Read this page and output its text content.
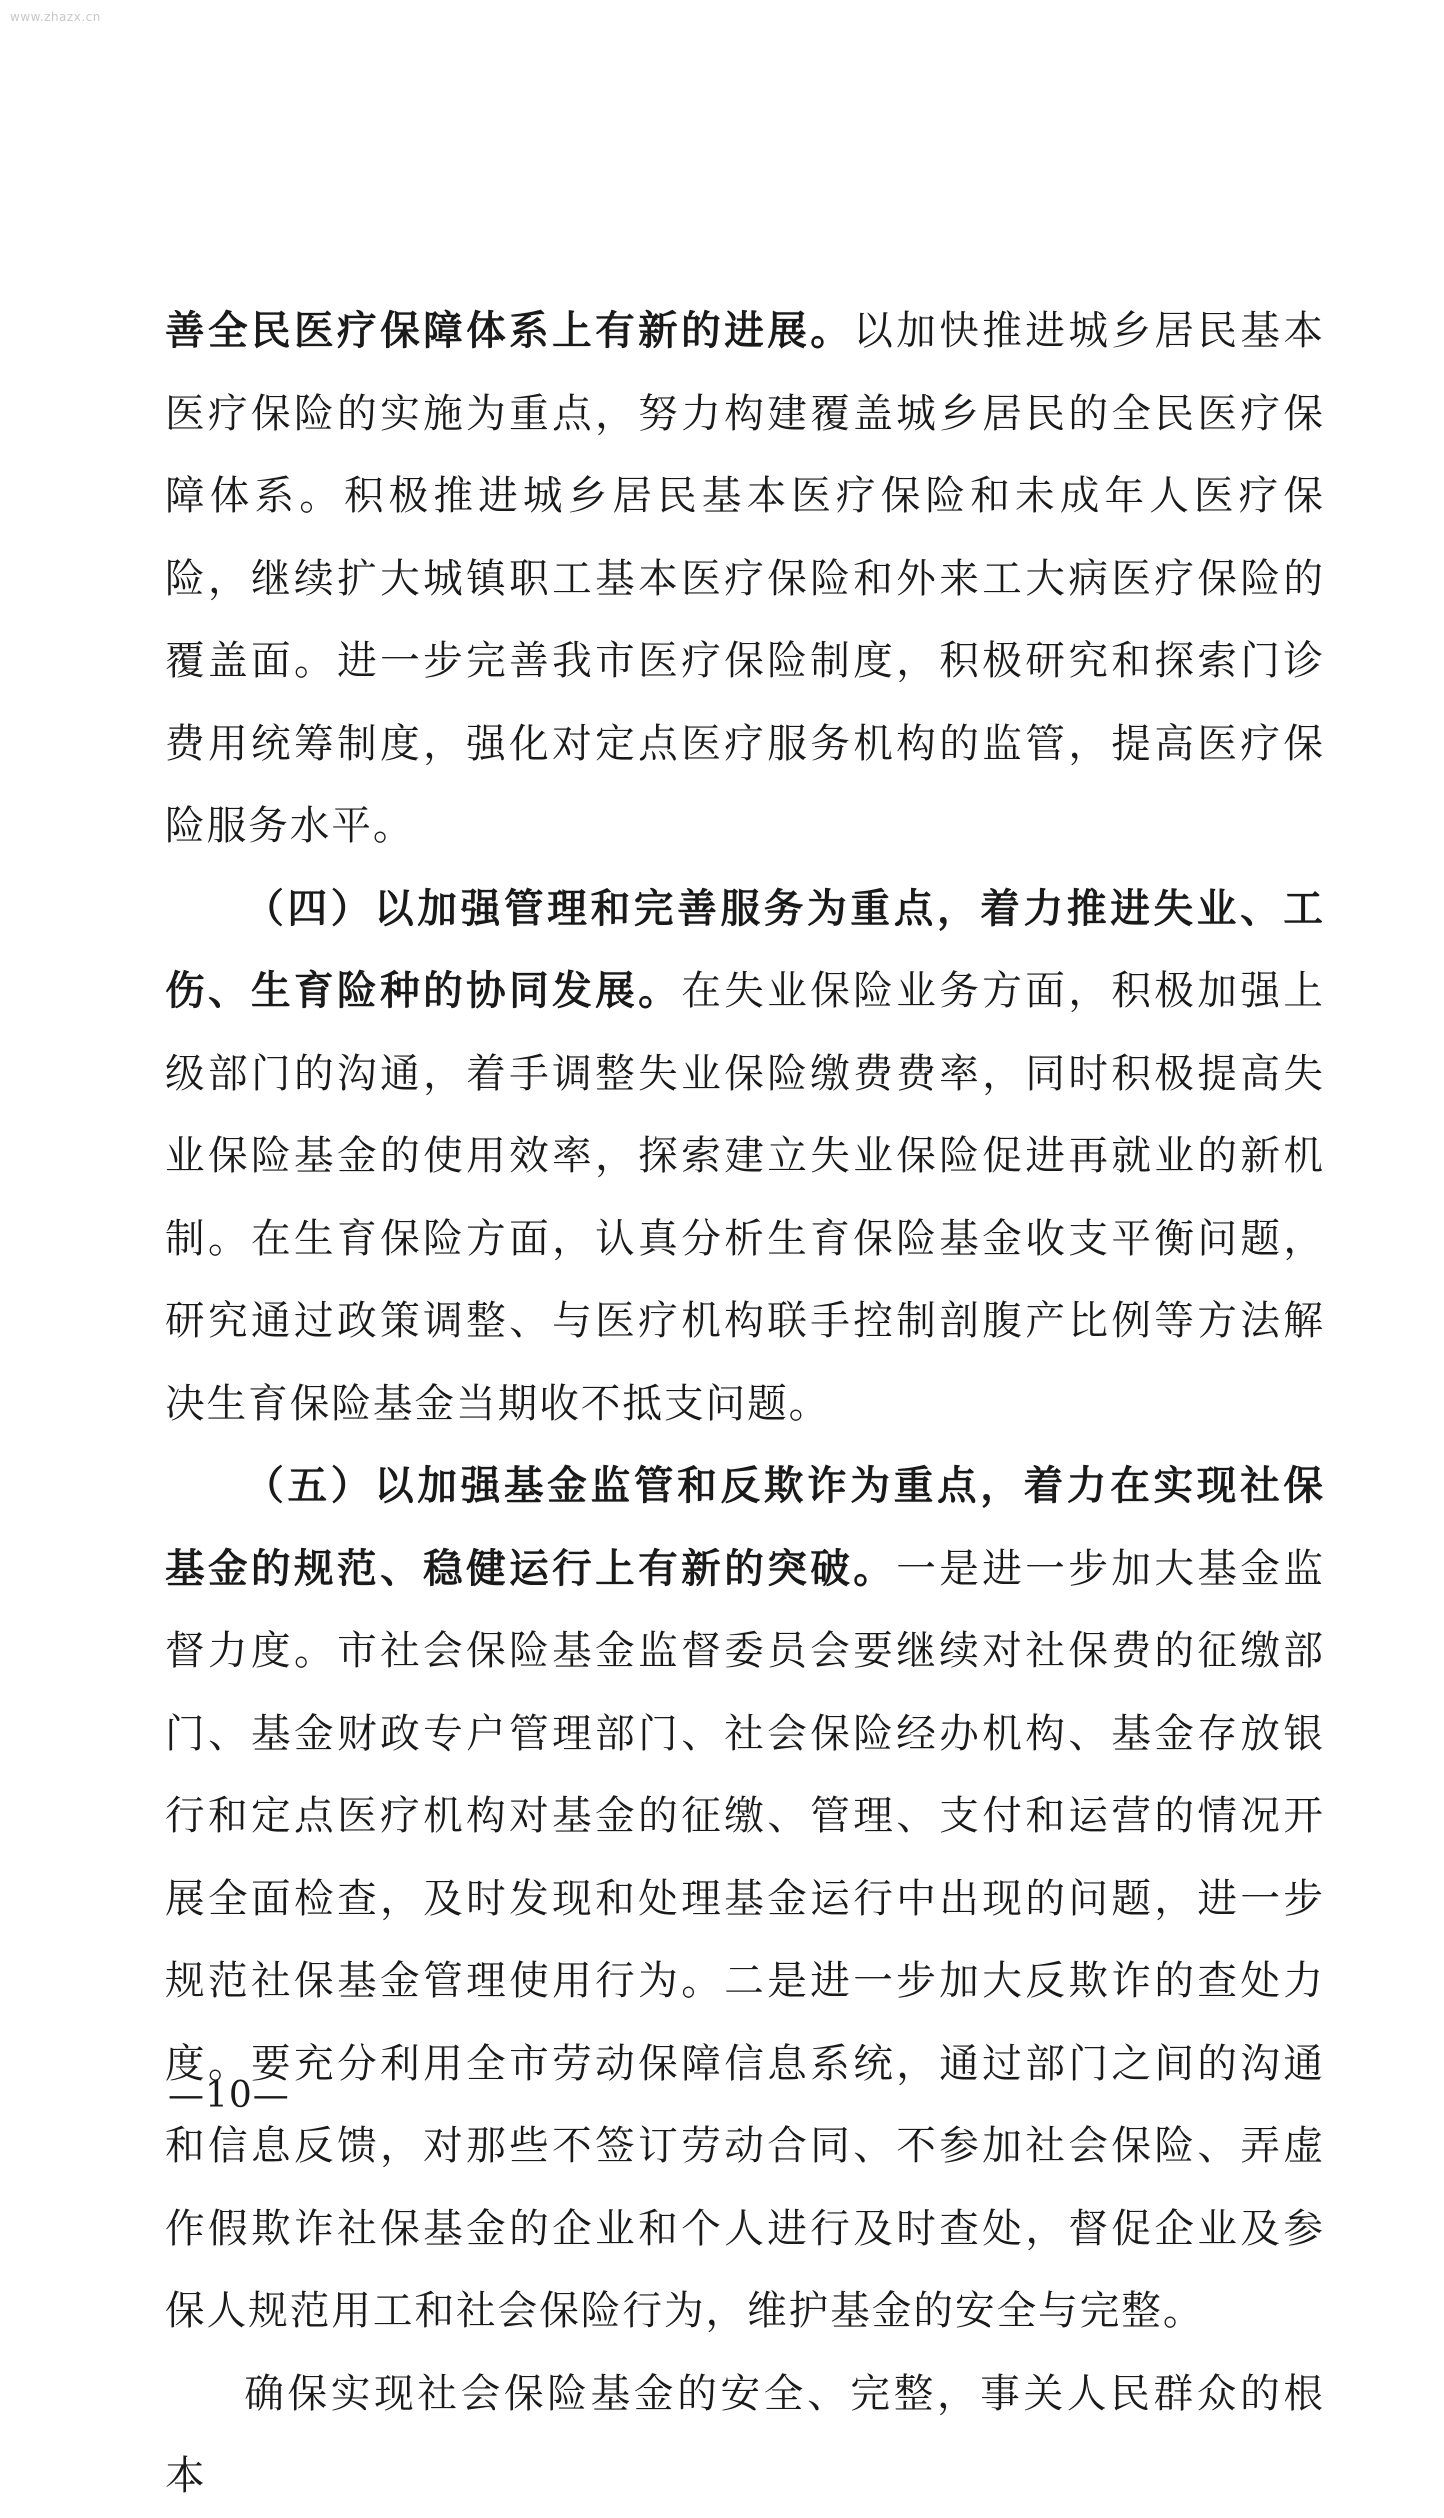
www.zhazx.cn

善全民医疗保障体系上有新的进展。以加快推进城乡居民基本医疗保险的实施为重点，努力构建覆盖城乡居民的全民医疗保障体系。积极推进城乡居民基本医疗保险和未成年人医疗保险，继续扩大城镇职工基本医疗保险和外来工大病医疗保险的覆盖面。进一步完善我市医疗保险制度，积极研究和探索门诊费用统筹制度，强化对定点医疗服务机构的监管，提高医疗保险服务水平。

（四）以加强管理和完善服务为重点，着力推进失业、工伤、生育险种的协同发展。在失业保险业务方面，积极加强上级部门的沟通，着手调整失业保险缴费费率，同时积极提高失业保险基金的使用效率，探索建立失业保险促进再就业的新机制。在生育保险方面，认真分析生育保险基金收支平衡问题，研究通过政策调整、与医疗机构联手控制剖腹产比例等方法解决生育保险基金当期收不抵支问题。

（五）以加强基金监管和反欺诈为重点，着力在实现社保基金的规范、稳健运行上有新的突破。一是进一步加大基金监督力度。市社会保险基金监督委员会要继续对社保费的征缴部门、基金财政专户管理部门、社会保险经办机构、基金存放银行和定点医疗机构对基金的征缴、管理、支付和运营的情况开展全面检查，及时发现和处理基金运行中出现的问题，进一步规范社保基金管理使用行为。二是进一步加大反欺诈的查处力度。要充分利用全市劳动保障信息系统，通过部门之间的沟通和信息反馈，对那些不签订劳动合同、不参加社会保险、弄虚作假欺诈社保基金的企业和个人进行及时查处，督促企业及参保人规范用工和社会保险行为，维护基金的安全与完整。

确保实现社会保险基金的安全、完整，事关人民群众的根本

—10—
